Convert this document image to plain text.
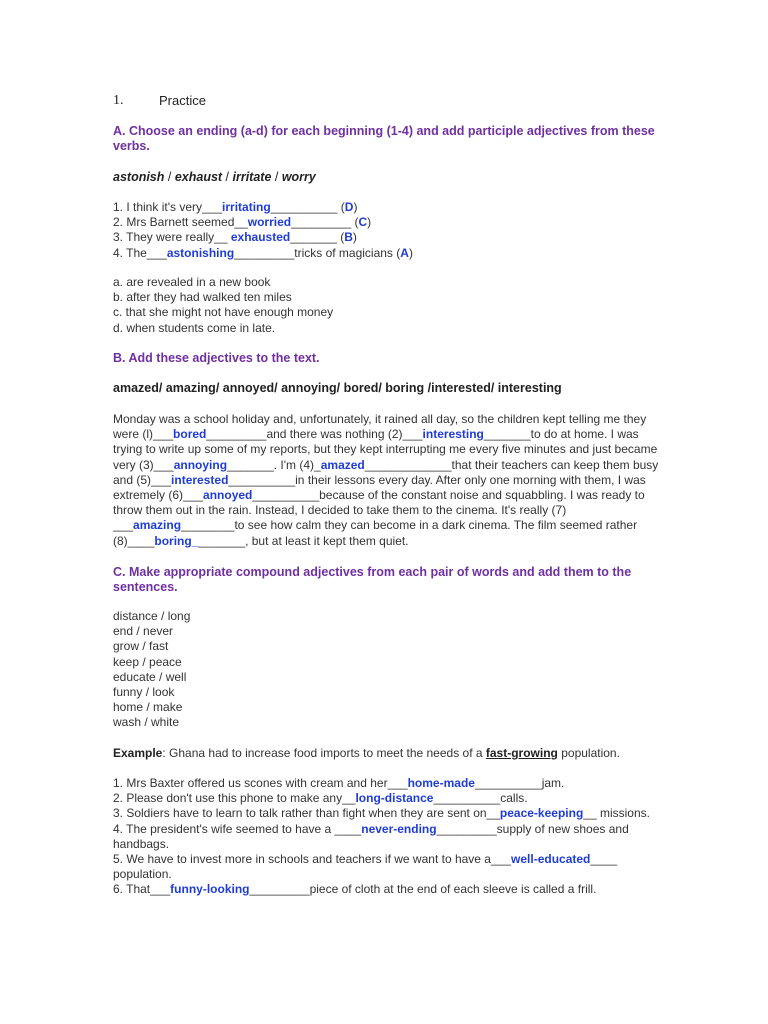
1.	Practice
A. Choose an ending (a-d) for each beginning (1-4) and add participle adjectives from these verbs.
astonish / exhaust / irritate / worry
1. I think it's very___irritating__________ (D)
2. Mrs Barnett seemed__worried_________ (C)
3. They were really__ exhausted_______ (B)
4. The___astonishing_________tricks of magicians (A)
a. are revealed in a new book
b. after they had walked ten miles
c. that she might not have enough money
d. when students come in late.
B. Add these adjectives to the text.
amazed/ amazing/ annoyed/ annoying/ bored/ boring /interested/ interesting
Monday was a school holiday and, unfortunately, it rained all day, so the children kept telling me they
were (l)___bored_________and there was nothing (2)___interesting_______to do at home. I was
trying to write up some of my reports, but they kept interrupting me every five minutes and just became
very (3)___annoying_______. I'm (4)_amazed_____________that their teachers can keep them busy
and (5)___interested__________in their lessons every day. After only one morning with them, I was
extremely (6)___annoyed__________because of the constant noise and squabbling. I was ready to
throw them out in the rain. Instead, I decided to take them to the cinema. It's really (7)
___amazing________to see how calm they can become in a dark cinema. The film seemed rather
(8)____boring________, but at least it kept them quiet.
C. Make appropriate compound adjectives from each pair of words and add them to the sentences.
distance / long
end / never
grow / fast
keep / peace
educate / well
funny / look
home / make
wash / white
Example: Ghana had to increase food imports to meet the needs of a fast-growing population.
1. Mrs Baxter offered us scones with cream and her___home-made__________jam.
2. Please don't use this phone to make any__long-distance__________calls.
3. Soldiers have to learn to talk rather than fight when they are sent on__peace-keeping__ missions.
4. The president's wife seemed to have a ____never-ending_________supply of new shoes and
handbags.
5. We have to invest more in schools and teachers if we want to have a___well-educated____
population.
6. That___funny-looking_________piece of cloth at the end of each sleeve is called a frill.
